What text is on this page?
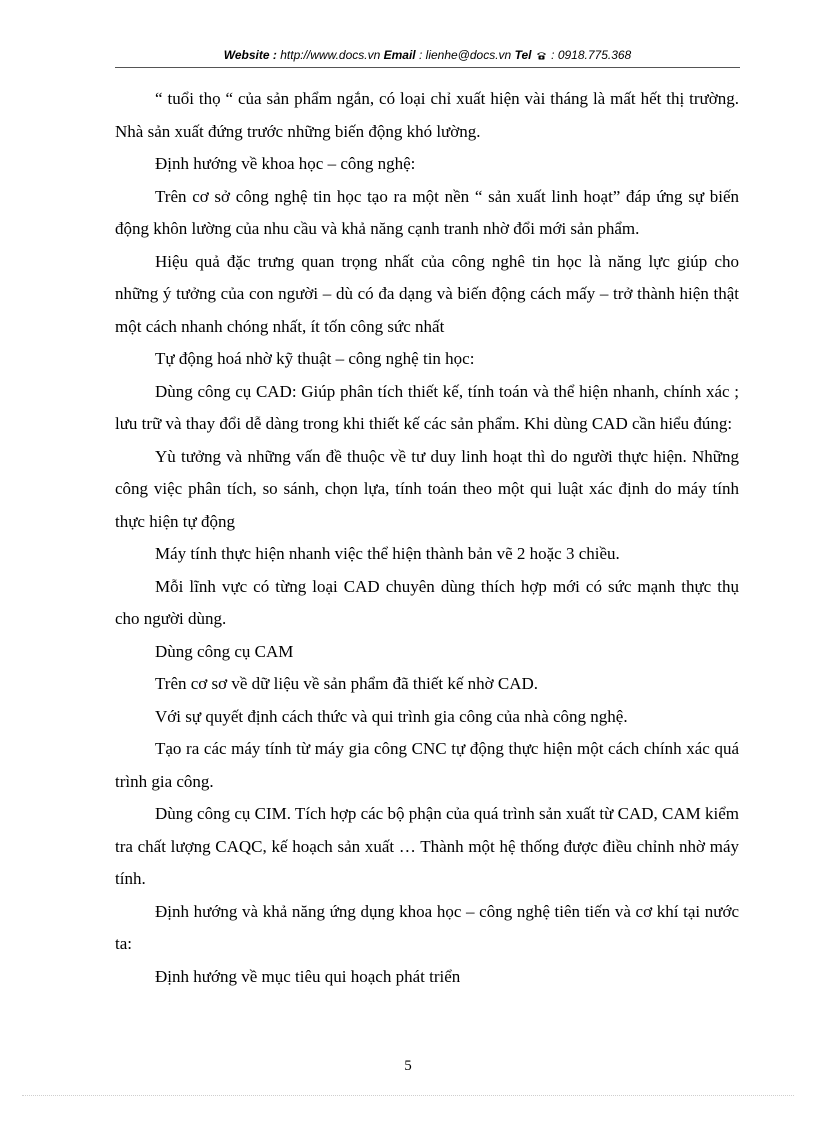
Website : http://www.docs.vn Email : lienhe@docs.vn Tel : 0918.775.368

“ tuổi thọ “ của sản phẩm ngắn, có loại chỉ xuất hiện vài tháng là mất hết thị trường. Nhà sản xuất đứng trước những biến động khó lường.

Định hướng về khoa học – công nghệ:

Trên cơ sở công nghệ tin học tạo ra một nền “ sản xuất linh hoạt” đáp ứng sự biến động khôn lường của nhu cầu và khả năng cạnh tranh nhờ đổi mới sản phẩm.

Hiệu quả đặc trưng quan trọng nhất của công nghê tin học là năng lực giúp cho những ý tưởng của con người – dù có đa dạng và biến động cách mấy – trở thành hiện thật một cách nhanh chóng nhất, ít tốn công sức nhất

Tự động hoá nhờ kỹ thuật – công nghệ tin học:

Dùng công cụ CAD: Giúp phân tích thiết kế, tính toán và thể hiện nhanh, chính xác ; lưu trữ và thay đổi dễ dàng trong khi thiết kế các sản phẩm. Khi dùng CAD cần hiểu đúng:

Yù tưởng và những vấn đề thuộc về tư duy linh hoạt thì do người thực hiện. Những công việc phân tích, so sánh, chọn lựa, tính toán theo một qui luật xác định do máy tính thực hiện tự động

Máy tính thực hiện nhanh việc thể hiện thành bản vẽ 2 hoặc 3 chiều.

Mỗi lĩnh vực có từng loại CAD chuyên dùng thích hợp mới có sức mạnh thực thụ cho người dùng.

Dùng công cụ CAM

Trên cơ sơ về dữ liệu về sản phẩm đã thiết kế nhờ CAD.

Với sự quyết định cách thức và qui trình gia công của nhà công nghệ.

Tạo ra các máy tính từ máy gia công CNC tự động thực hiện một cách chính xác quá trình gia công.

Dùng công cụ CIM. Tích hợp các bộ phận của quá trình sản xuất từ CAD, CAM kiểm tra chất lượng CAQC, kế hoạch sản xuất … Thành một hệ thống được điều chỉnh nhờ máy tính.

Định hướng và khả năng ứng dụng khoa học – công nghệ tiên tiến và cơ khí tại nước ta:

Định hướng về mục tiêu qui hoạch phát triển

5
